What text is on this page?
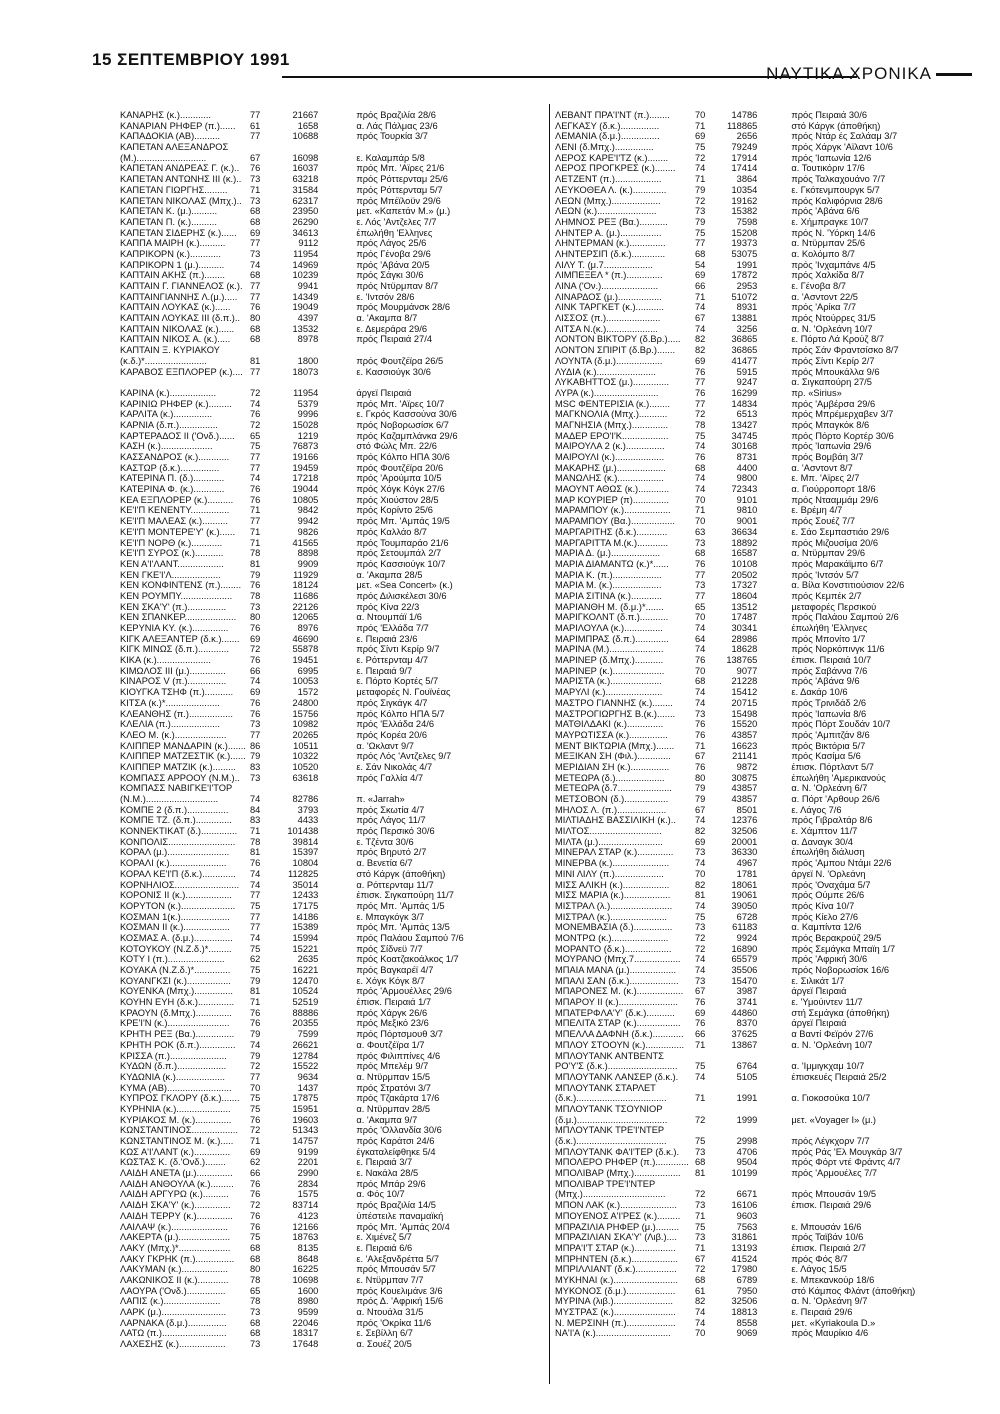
15 ΣΕΠΤΕΜΒΡΙΟΥ 1991
ΝΑΥΤΙΚΑ ΧΡΟΝΙΚΑ
ΚΑΝΑΡΗΣ (κ.)............	77	21667	πρός Βραζιλία 28/6
ΚΑΝΑΡΙΑΝ ΡΗΦΕΡ (π.)......	61	1658	α. Λάς Πάλμας 23/6
ΚΑΠΑΔΟΚΙΑ (ΑΒ)..........	77	10688	πρός Τουρκία 3/7
ΚΑΠΕΤΑΝ ΑΛΕΞΑΝΔΡΟΣ
(Μ.)...........................	67	16098	ε. Καλαμπάρ 5/8
ΚΑΠΕΤΑΝ ΑΝΔΡΕΑΣ Γ. (κ.)..	76	16037	πρός Μπ. 'Αϊρες 21/6
ΚΑΠΕΤΑΝ ΑΝΤΩΝΗΣ ΙΙΙ (κ.).. 73	63218	πρός Ρόττερνταμ 25/6
ΚΑΠΕΤΑΝ ΓΙΩΡΓΗΣ.........	71	31584	πρός Ρόττερνταμ 5/7
ΚΑΠΕΤΑΝ ΝΙΚΟΛΑΣ (Μπχ.).. 73	62317	πρός Μπέϊλοϋν 29/6
ΚΑΠΕΤΑΝ Κ. (μ.)..........	68	23950	μετ. «Καπετάν Μ.» (μ.)
ΚΑΠΕΤΑΝ Π. (κ.)..........	68	26290	ε. Λός 'Αντζελες 7/7
ΚΑΠΕΤΑΝ ΣΙΔΕΡΗΣ (κ.)......	69	34613	έπωλήθη 'Ελληνες
ΚΑΠΠΑ ΜΑΙΡΗ (κ.)..........	77	9112	πρός Λάγος 25/6
ΚΑΠΡΙΚΟΡΝ (κ.)............	73	11954	πρός Γένοβα 29/6
ΚΑΠΡΙΚΟΡΝ 1 (μ.)..........	74	14969	πρός 'Αβάνα 20/5
ΚΑΠΤΑΙΝ ΑΚΗΣ (π.)........	68	10239	πρός Σάγκι 30/6
ΚΑΠΤΑΙΝ Γ. ΓΙΑΝΝΕΛΟΣ (κ.). 77	9941	πρός Ντϋρμπαν 8/7
ΚΑΠΤΑΙΝΓΙΑΝΝΗΣ Λ.(μ.).....	77	14349	ε. 'Ιντσόν 28/6
ΚΑΠΤΑΙΝ ΛΟΥΚΑΣ (κ.)......	76	19049	πρός Μουρμάνσκ 28/6
ΚΑΠΤΑΙΝ ΛΟΥΚΑΣ ΙΙΙ (δ.π.)..	80	4397	α. 'Ακαμπα 8/7
ΚΑΠΤΑΙΝ ΝΙΚΟΛΑΣ (κ.)......	68	13532	ε. Δεμεράρα 29/6
ΚΑΠΤΑΙΝ ΝΙΚΟΣ Α. (κ.).....	68	8978	πρός Πειραιά 27/4
ΚΑΠΤΑΙΝ Ξ. ΚΥΡΙΑΚΟΥ
(κ.δ.)*........................	81	1800	πρός Φουτζέϊρα 26/5
ΚΑΡΑΒΟΣ ΕΞΠΛΟΡΕΡ (κ.).... 77	18073	ε. Κασσιούγκ 30/6
ΚΑΡΙΝΑ (κ.)..................	72	11954	άργεϊ Πειραιά
ΚΑΡΙΝΙΩ ΡΗΦΕΡ (κ.).........	74	5379	πρός Μπ. 'Αϊρες 10/7
ΚΑΡΛΙΤΑ (κ.)...............	76	9996	ε. Γκρός Κασσούνα 30/6
ΚΑΡΝΙΑ (δ.π.)...............	72	15028	πρός Νοβορωσίσκ 6/7
ΚΑΡΤΕΡΑΔΟΣ ΙΙ ('Ονδ.)......	65	1219	πρός Καζαμπλάνκα 29/6
ΚΑΣΗ (κ.)....................	75	76873	στό Φώλς Μπ. 22/6
ΚΑΣΣΑΝΔΡΟΣ (κ.)............	77	19166	πρός Κόλπο ΗΠΑ 30/6
ΚΑΣΤΩΡ (δ.κ.)...............	77	19459	πρός Φουτζέϊρα 20/6
ΚΑΤΕΡΙΝΑ Π. (δ.)............	74	17218	πρός 'Αρούμπα 10/5
ΚΑΤΕΡΙΝΑ Φ. (κ.)............	76	19044	πρός Χόγκ Κόγκ 27/6
ΚΕΑ ΕΞΠΛΟΡΕΡ (κ.)..........	76	10805	πρός Χιούστον 28/5
ΚΕ'Ι'Π ΚΕΝΕΝΤΥ...............	71	9842	πρός Κορίντο 25/6
ΚΕ'Ι'Π ΜΑΛΕΑΣ (κ.)..........	77	9942	πρός Μπ. 'Αμπάς 19/5
ΚΕ'Ι'Π ΜΟΝΤΕΡΕ'Υ' (κ.)......	71	9826	πρός Καλλάο 8/7
ΚΕ'Ι'Π ΝΟΡΘ (κ.)............	71	41565	πρός Τουμπαράο 21/6
ΚΕ'Ι'Π ΣΥΡΟΣ (κ.)...........	78	8898	πρός Σετουμπάλ 2/7
ΚΕΝ Α'Ι'ΛΑΝΤ..................	81	9909	πρός Κασσιούγκ 10/7
ΚΕΝ ΓΚΕ'Ι'Λ...................	79	11929	α. 'Ακαμπα 28/5
ΚΕΝ ΚΟΝΦΙΝΤΕΝΣ (π.)........ 76	18124	μετ. «Sea Concert» (κ.)
ΚΕΝ ΡΟΥΜΠΥ....................	78	11686	πρός Διλισκέλεσι 30/6
ΚΕΝ ΣΚΑ'Υ' (π.)...............	73	22126	πρός Κίνα 22/3
ΚΕΝ ΣΠΑΝΚΕΡ....................	80	12065	α. Ντουμπάϊ 1/6
ΚΕΡΥΝΙΑ ΚΥ. (κ.)..............	76	8976	πρός 'Ελλάδα 7/7
ΚΙΓΚ ΑΛΕΞΑΝΤΕΡ (δ.κ.).......	69	46690	ε. Πειραιά 23/6
ΚΙΓΚ ΜΙΝΩΣ (δ.π.)............	72	55878	πρός Σίντι Κερίρ 9/7
ΚΙΚΑ (κ.).....................	76	19451	ε. Ρόττερνταμ 4/7
ΚΙΜΩΛΟΣ ΙΙΙ (μ.)..............	66	6995	ε. Πειραιά 9/7
ΚΙΝΑΡΟΣ V (π.)...............	74	10053	ε. Πόρτο Κορτές 5/7
ΚΙΟΥΓΚΑ ΤΣΗΦ (π.)...........	69	1572	μεταφορές Ν. Γουϊνέας
ΚΙΤΣΑ (κ.)*.....................	76	24800	πρός Σιγκάγκ 4/7
ΚΛΕΑΝΘΗΣ (π.).................	76	15756	πρός Κόλπο ΗΠΑ 5/7
ΚΛΕΛΙΑ (π.)...................	73	10982	πρός 'Ελλάδα 24/6
ΚΛΕΟ Μ. (κ.)....................	77	20265	πρός Κορέα 20/6
ΚΛΙΠΠΕΡ ΜΑΝΔΑΡΙΝ (κ.)....... 86	10511	α. 'Ωκλαντ 9/7
ΚΛΙΠΠΕΡ ΜΑΤΖΕΣΤΙΚ (κ.)...... 79	10322	πρός Λός 'Αντζελες 9/7
ΚΛΙΠΠΕΡ ΜΑΤΖΙΚ (κ.).........	83	10520	ε. Σάν Νικολάς 4/7
ΚΟΜΠΑΣΣ ΑΡΡΟΟΥ (Ν.Μ.)..	73	63618	πρός Γαλλία 4/7
ΚΟΜΠΑΣΣ ΝΑΒΙΓΚΕ'Ι'ΤΟΡ
(Ν.Μ.)............................	74	82786	π. «Jarrah»
ΚΟΜΠΕ 2 (δ.π.)................	84	3793	πρός Σκωτία 4/7
ΚΟΜΠΕ ΤΖ. (δ.π.)..............	83	4433	πρός Λάγος 11/7
ΚΟΝΝΕΚΤΙΚΑΤ (δ.)..............	71	101438	πρός Περσικό 30/6
ΚΟΝΠΟΛΙΣ..........................	78	39814	ε. Τζέντα 30/6
ΚΟΡΑΛ (μ.)........................	81	15397	πρός Βηρυτό 2/7
ΚΟΡΑΛΙ (κ.)......................	76	10804	α. Βενετία 6/7
ΚΟΡΑΛ ΚΕ'Ι'Π (δ.κ.).............	74	112825	στό Κάργκ (άποθήκη)
ΚΟΡΝΗΛΙΟΣ.........................	74	35014	α. Ρόττερνταμ 11/7
ΚΟΡΟΝΙΣ ΙΙ (κ.)..................	77	12433	έπισκ. Σιγκαπούρη 11/7
ΚΟΡΥΤΟΝ (κ.).....................	75	17175	πρός Μπ. 'Αμπάς 1/5
ΚΟΣΜΑΝ 1(κ.)...................	77	14186	ε. Μπαγκόγκ 3/7
ΚΟΣΜΑΝ ΙΙ (κ.)..................	77	15389	πρός Μπ. 'Αμπάς 13/5
ΚΟΣΜΑΣ Α. (δ.μ.)...............	74	15994	πρός Παλάου Σαμπού 7/6
ΚΟΤΟΥΚΟΥ (Ν.Ζ.δ.)*.........	75	15221	πρός Σίδνεϋ 7/7
ΚΟΤΥ Ι (π.)......................	62	2635	πρός Κοατζακοάλκος 1/7
ΚΟΥΑΚΑ (Ν.Ζ.δ.)*..............	75	16221	πρός Βαγκαρέϊ 4/7
ΚΟΥΑΝΓΚΣΙ (κ.).................	79	12470	ε. Χόγκ Κόγκ 8/7
ΚΟΥΕΝΚΑ (Μπχ.)...............	81	10524	πρός 'Αρμουέλλες 29/6
ΚΟΥΗΝ ΕΥΗ (δ.κ.)..............	71	52519	έπισκ. Πειραιά 1/7
ΚΡΑΟΥΝ (δ.Μπχ.)..............	76	88886	πρός Χάργκ 26/6
ΚΡΕ'Ι'Ν (κ.)........................	76	20355	πρός Μεξικό 23/6
ΚΡΗΤΗ ΡΕΞ (Βα.)...............	79	7599	πρός Πόρτσμουθ 3/7
ΚΡΗΤΗ ΡΟΚ (δ.π.)..............	74	26621	α. Φουτζέϊρα 1/7
ΚΡΙΣΣΑ (π.)......................	79	12784	πρός Φιλιππίνες 4/6
ΚΥΔΩΝ (δ.π.)...................	72	15522	πρός Μπελέμ 9/7
ΚΥΔΩΝΙΑ (κ.)...................	77	9634	α. Ντϋρμπαν 15/5
ΚΥΜΑ (ΑΒ).........................	70	1437	πρός Στρατόνι 3/7
ΚΥΠΡΟΣ ΓΚΛΟΡΥ (δ.κ.).......	75	17875	πρός Τζακάρτα 17/6
ΚΥΡΗΝΙΑ (κ.).....................	75	15951	α. Ντϋρμπαν 28/5
ΚΥΡΙΑΚΟΣ Μ. (κ.)..............	76	19603	α. 'Ακαμπα 9/7
ΚΩΝΣΤΑΝΤΙΝΟΣ..................	72	51343	πρός 'Ολλανδία 30/6
ΚΩΝΣΤΑΝΤΙΝΟΣ Μ. (κ.).....	71	14757	πρός Καράτσι 24/6
ΚΩΣ Α'Ι'ΛΑΝΤ (κ.)..............	69	9199	έγκαταλείφθηκε 5/4
ΚΩΣΤΑΣ Κ. (δ.'Ονδ.)........	62	2201	ε. Πειραιά 3/7
ΛΑΙΔΗ ΑΝΕΤΑ (μ.)..............	66	2990	ε. Νακάλα 28/5
ΛΑΙΔΗ ΑΝΘΟΥΛΑ (κ.).........	76	2834	πρός Μπάρ 29/6
ΛΑΙΔΗ ΑΡΓΥΡΩ (κ.)..........	76	1575	α. Φός 10/7
ΛΑΙΔΗ ΣΚΑ'Υ' (κ.)..............	72	83714	πρός Βραζιλία 14/5
ΛΑΙΔΗ ΤΕΡΡΥ (κ.)..............	76	4123	ύπέστειλε παναμαϊκή
ΛΑΙΛΑΨ (κ.)......................	76	12166	πρός Μπ. 'Αμπάς 20/4
ΛΑΚΕΡΤΑ (μ.)....................	75	18763	ε. Χιμένεζ 5/7
ΛΑΚΥ (Μπχ.)*....................	68	8135	ε. Πειραιά 6/6
ΛΑΚΥ ΓΚΡΗΚ (π.)...............	68	8648	ε. 'Αλεξανδρέττα 5/7
ΛΑΚΥΜΑΝ (κ.)..................	80	16225	πρός Μπουσάν 5/7
ΛΑΚΩΝΙΚΟΣ ΙΙ (κ.)............	78	10698	ε. Ντϋρμπαν 7/7
ΛΑΟΥΡΑ ('Ονδ.)...............	65	1600	πρός Κουελιμάνε 3/6
ΛΑΠΙΣ (κ.)......................	78	8980	πρός Δ. 'Αφρική 15/6
ΛΑΡΚ (μ.).........................	73	9599	α. Ντουάλα 31/5
ΛΑΡΝΑΚΑ (δ.μ.)...............	68	22046	πρός 'Οκρίκα 11/6
ΛΑΤΩ (π.).........................	68	18317	ε. Σεβίλλη 6/7
ΛΑΧΕΣΗΣ (κ.)..................	73	17648	α. Σουέζ 20/5
ΛΕΒΑΝΤ ΠΡΑ'Ι'ΝΤ (π.)........	70	14786	πρός Πειραιά 30/6
ΛΕΓΚΑΣΥ (δ.κ.)...............	71	118865	στό Κάργκ (άποθήκη)
ΛΕΜΑΝΙΑ (δ.μ.)...............	69	2656	πρός Ντάρ ές Σαλάαμ 3/7
ΛΕΝΙ (δ.Μπχ.)...............	75	79249	πρός Χάργκ 'Αϊλαντ 10/6
ΛΕΡΟΣ ΚΑΡΕ'Ι'ΤΖ (κ.)........	72	17914	πρός 'Ιαπωνία 12/6
ΛΕΡΟΣ ΠΡΟΓΚΡΕΣ (κ.)........	74	17414	α. Τουτικόριν 17/6
ΛΕΤΖΕΝΤ (π.)..................	71	3864	πρός Ταλκαχουάνο 7/7
ΛΕΥΚΟΘΕΑ Λ. (κ.).............	79	10354	ε. Γκότενμπουργκ 5/7
ΛΕΩΝ (Μπχ.)...................	72	19162	πρός Καλιφόρνια 28/6
ΛΕΩΝ (κ.).......................	73	15382	πρός 'Αβάνα 6/6
ΛΗΜΝΟΣ ΡΕΞ (Βα.)...........	79	7598	ε. Χήμπραγκε 10/7
ΛΗΝΤΕΡ Α. (μ.)................	75	15208	πρός Ν. 'Υόρκη 14/6
ΛΗΝΤΕΡΜΑΝ (κ.)..............	77	19373	α. Ντϋρμπαν 25/6
ΛΗΝΤΕΡΣΙΠ (δ.κ.).............	68	53075	α. Κολόμπο 8/7
ΛΙΛΥ Τ. (μ.7...................	54	1991	πρός 'Ινχαμπάνε 4/5
ΛΙΜΠΕΞΕΛ * (π.)..............	69	17872	πρός Χαλκίδα 8/7
ΛΙΝΑ ('Ον.)......................	66	2953	ε. Γένοβα 8/7
ΛΙΝΑΡΔΟΣ (μ.).................	71	51072	α. 'Ασντοντ 22/5
ΛΙΝΚ ΤΑΡΓΚΕΤ (κ.)...........	74	8931	πρός 'Αρίκα 7/7
ΛΙΣΣΟΣ (π.).....................	67	13881	πρός Ντούρρες 31/5
ΛΙΤΣΑ Ν.(κ.)....................	74	3256	α. Ν. 'Ορλεάνη 10/7
ΛΟΝΤΟΝ ΒΙΚΤΟΡΥ (δ.Βρ.).....	82	36865	ε. Πόρτο Λά Κρούζ 8/7
ΛΟΝΤΟΝ ΣΠΙΡΙΤ (δ.Βρ.).......	82	36865	πρός Σάν Φραντσίσκο 8/7
ΛΟΥΝΤΑ (δ.μ.)..................	69	41477	πρός Σίντι Κερίρ 2/7
ΛΥΔΙΑ (κ.).......................	76	5915	πρός Μπουκάλλα 9/6
ΛΥΚΑΒΗΤΤΟΣ (μ.)..............	77	9247	α. Σιγκαπούρη 27/5
ΛΥΡΑ (κ.).........................	76	16299	πρ. «Sirius»
MSC ΦΕΝΤΕΡΙΣΙΑ (κ.)........	77	14834	πρός 'Αμβέρσα 29/6
ΜΑΓΚΝΟΛΙΑ (Μπχ.)...........	72	6513	πρός Μπρέμερχαβεν 3/7
ΜΑΓΝΗΣΙΑ (Μπχ.)..............	78	13427	πρός Μπαγκόκ 8/6
ΜΑΔΕΡ ΕΡΟ'Ι'Κ..................	75	34745	πρός Πόρτο Κορτέρ 30/6
ΜΑΙΡΟΥΛΑ 2 (κ.)...............	74	30168	πρός 'Ιαπωνία 29/6
ΜΑΙΡΟΥΛΙ (κ.)...................	76	8731	πρός Βομβάη 3/7
ΜΑΚΑΡΗΣ (μ.)...................	68	4400	α. 'Ασντοντ 8/7
ΜΑΝΩΛΗΣ (κ.)..................	74	9800	ε. Μπ. 'Αϊρες 2/7
ΜΑΟΥΝΤ ΑΘΩΣ (κ.)............	74	72343	α. Γιούρροπορτ 18/6
ΜΑΡ ΚΟΥΡΙΕΡ (π)..............	70	9101	πρός Ντααμμάμ 29/6
ΜΑΡΑΜΠΟΥ (κ.)..................	71	9810	ε. Βρέμη 4/7
ΜΑΡΑΜΠΟΥ (Βα.).................	70	9001	πρός Σουέζ 7/7
ΜΑΡΓΑΡΙΤΗΣ (δ.κ.)............	63	36634	ε. Σάο Σεμπαστιάο 29/6
ΜΑΡΓΑΡΙΤΤΑ Μ.(κ.)............	73	18892	πρός Μιζουσίμα 20/6
ΜΑΡΙΑ Δ. (μ.)...................	68	16587	α. Ντϋρμπαν 29/6
ΜΑΡΙΑ ΔΙΑΜΑΝΤΩ (κ.)*......	76	10108	πρός Μαρακάϊμπο 6/7
ΜΑΡΙΑ Κ. (π.)...................	77	20502	πρός 'Ιντσόν 5/7
ΜΑΡΙΑ Μ. (κ.)...................	73	17327	α. Βίλα Κονστιτιούσιον 22/6
ΜΑΡΙΑ ΣΙΤΙΝΑ (κ.)............	77	18604	πρός Κεμπέκ 2/7
ΜΑΡΙΑΝΘΗ Μ. (δ.μ.)*.......	65	13512	μεταφορές Περσικού
ΜΑΡΙΓΚΟΛΝΤ (δ.π.)...........	70	17487	πρός Παλάου Σαμπού 2/6
ΜΑΡΙΛΟΥΛΑ (κ.)...............	74	30341	έπωλήθη 'Ελληνες
ΜΑΡΙΜΠΡΑΣ (δ.π.).............	64	28986	πρός Μπονίτο 1/7
ΜΑΡΙΝΑ (Μ.).....................	74	18628	πρός Νορκόπινγκ 11/6
ΜΑΡΙΝΕΡ (δ.Μπχ.)...........	76	138765	έπισκ. Πειραιά 10/7
ΜΑΡΙΝΕΡ (κ.)....................	70	9077	πρός Σαβάννα 7/6
ΜΑΡΙΣΤΑ (κ.)....................	68	21228	πρός 'Αβάνα 9/6
ΜΑΡΥΛΙ (κ.)......................	74	15412	ε. Δακάρ 10/6
ΜΑΣΤΡΟ ΓΙΑΝΝΗΣ (κ.)........	74	20715	πρός Τρινιδάδ 2/6
ΜΑΣΤΡΟΓΙΩΡΓΗΣ Β.(κ.).......	73	15498	πρός 'Ιαπωνία 8/6
ΜΑΤΘΙΛΔΑΚΙ (κ.)..............	76	15520	πρός Πόρτ Σουδάν 10/7
ΜΑΥΡΩΤΙΣΣΑ (κ.)...............	76	43857	πρός 'Αμπιτζάν 8/6
ΜΕΝΤ ΒΙΚΤΩΡΙΑ (Μπχ.).......	71	16623	πρός Βικτόρια 5/7
ΜΕΞΙΚΑΝ ΣΗ (Φιλ.).............	67	21141	πρός Κασίμα 5/6
ΜΕΡΙΔΙΑΝ ΣΗ (κ.)...............	76	9872	έπισκ. Πόρτλαντ 5/7
ΜΕΤΕΩΡΑ (δ.)...................	80	30875	έπωλήθη 'Αμερικανούς
ΜΕΤΕΩΡΑ (δ.7.....................	79	43857	α. Ν. 'Ορλεάνη 6/7
ΜΕΤΣΟΒΟΝ (δ.).................	79	43857	α. Πόρτ 'Αρθουρ 26/6
ΜΗΛΟΣ Λ. (π.)...................	67	8501	ε. Λάγος 7/6
ΜΙΛΤΙΑΔΗΣ ΒΑΣΣΙΛΙΚΗ (κ.)..	74	12376	πρός Γιβραλτάρ 8/6
ΜΙΛΤΟΣ............................	82	32506	ε. Χάμπτον 11/7
ΜΙΛΤΑ (μ.).........................	69	20001	α. Δαναγκ 30/4
ΜΙΝΕΡΑΛ ΣΤΑΡ (κ.)..............	73	36330	έπωλήθη διάλυση
ΜΙΝΕΡΒΑ (κ.)......................	74	4967	πρός 'Αμπου Ντάμι 22/6
ΜΙΝΙ ΛΙΛΥ (π.)...................	70	1781	άργεϊ Ν. 'Ορλεάνη
ΜΙΣΣ ΑΛΙΚΗ (κ.)..................	82	18061	πρός 'Οναχάμα 5/7
ΜΙΣΣ ΜΑΡΙΑ (κ.)..................	81	19061	πρός Ούμπε 26/6
ΜΙΣΤΡΑΛ (λ.)........................	74	39050	πρός Κίνα 10/7
ΜΙΣΤΡΑΛ (κ.)......................	75	6728	πρός Κίελο 27/6
ΜΟΝΕΜΒΑΣΙΑ (δ.)...............	73	61183	α. Καμπίντα 12/6
ΜΟΝΤΡΩ (κ.)......................	72	9924	πρός Βερακρούζ 29/5
ΜΟΡΑΝΤΟ (δ.κ.)..................	72	16890	πρός Σεμάγκα Μπαϊη 1/7
ΜΟΥΡΑΝΟ (Μπχ.7..................	74	65579	πρός 'Αφρική 30/6
ΜΠΑΙΑ ΜΑΝΑ (μ.)..................	74	35506	πρός Νοβορωσίσκ 16/6
ΜΠΑΛΙ ΣΑΝ (δ.κ.)...................	73	15470	ε. Σιλικάτ 1/7
ΜΠΑΡΟΝΕΣ Μ. (κ.)..................	67	3987	άργεϊ Πειραιά
ΜΠΑΡΟΥ ΙΙ (κ.).......................	76	3741	ε. 'Υμούιντεν 11/7
ΜΠΑΤΕΡΦΛΑ'Υ' (δ.κ.)...........	69	44860	στή Σεμάγκα (άποθήκη)
ΜΠΕΛΙΤΑ ΣΤΑΡ (κ.).................	76	8370	άργεϊ Πειραιά
ΜΠΕΛΛΑ ΔΑΦΝΗ (δ.κ.)............	66	37625	α Βαντί Φεϊρόν 27/6
ΜΠΛΟΥ ΣΤΟΟΥΝ (κ.)...............	71	13867	α. Ν. 'Ορλεάνη 10/7
ΜΠΛΟΥΤΑΝΚ ΑΝΤΒΕΝΤΣ
ΡΟ'Υ'Σ (δ.κ.)...........................	75	6764	α. 'Ιμμιγκχαμ 10/7
ΜΠΛΟΥΤΑΝΚ ΛΑΝΣΕΡ (δ.κ.).	74	5105	έπισκευές Πειραιά 25/2
ΜΠΛΟΥΤΑΝΚ ΣΤΑΡΛΕΤ
(δ.κ.)...................................	71	1991	α. Γιοκοσούκα 10/7
ΜΠΛΟΥΤΑΝΚ ΤΣΟΥΝΙΟΡ
(δ.μ.)...................................	72	1999	μετ. «Voyager I» (μ.)
ΜΠΛΟΥΤΑΝΚ ΤΡΕ'Ι'ΝΤΕΡ
(δ.κ.)...................................	75	2998	πρός Λέγκχορν 7/7
ΜΠΛΟΥΤΑΝΚ ΦΑ'Ι'ΤΕΡ (δ.κ.).	73	4706	πρός Ράς 'Ελ Μουγκάρ 3/7
ΜΠΟΛΕΡΟ ΡΗΦΕΡ (π.)............. 68	9504	πρός Φόρτ ντέ Φράντς 4/7
ΜΠΟΛΙΒΑΡ (Μπχ.)..................	81	10199	πρός 'Αρμουέλες 7/7
ΜΠΟΛΙΒΑΡ ΤΡΕ'Ι'ΝΤΕΡ
(Μπχ.)................................	72	6671	πρός Μπουσάν 19/5
ΜΠΟΝ ΛΑΚ (κ.)......................	73	16106	έπισκ. Πειραιά 29/6
ΜΠΟΥΕΝΟΣ Α'Ι'ΡΕΣ (κ.).........	71	9603
ΜΠΡΑΖΙΛΙΑ ΡΗΦΕΡ (μ.).........	75	7563	ε. Μπουσάν 16/6
ΜΠΡΑΖΙΛΙΑΝ ΣΚΑ'Υ' (Λιβ.)....	73	31861	πρός Ταϊβάν 10/6
ΜΠΡΑ'Ι'Τ ΣΤΑΡ (κ.)................	71	13193	έπισκ. Πειραιά 2/7
ΜΠΡΗΝΤΕΝ (δ.κ.)..................	67	41524	πρός Φός 8/7
ΜΠΡΙΛΛΙΑΝΤ (δ.κ.)................	72	17980	ε. Λάγος 15/5
ΜΥΚΗΝΑΙ (κ.).........................	68	6789	ε. Μπεκανκούρ 18/6
ΜΥΚΟΝΟΣ (δ.μ.)...................	61	7950	στό Κάμπος Φλάντ (άποθήκη)
ΜΥΡΙΝΑ (λιβ.).......................	82	32506	α. Ν. 'Ορλεάνη 9/7
ΜΥΣΤΡΑΣ (κ.)........................	74	18813	ε. Πειραιά 29/6
Ν. ΜΕΡΣΙΝΗ (π.)...................	74	8558	μετ. «Kyriakoula D.»
ΝΑ'Ι'Α (κ.).............................	70	9069	πρός Μαυρίκιο 4/6
